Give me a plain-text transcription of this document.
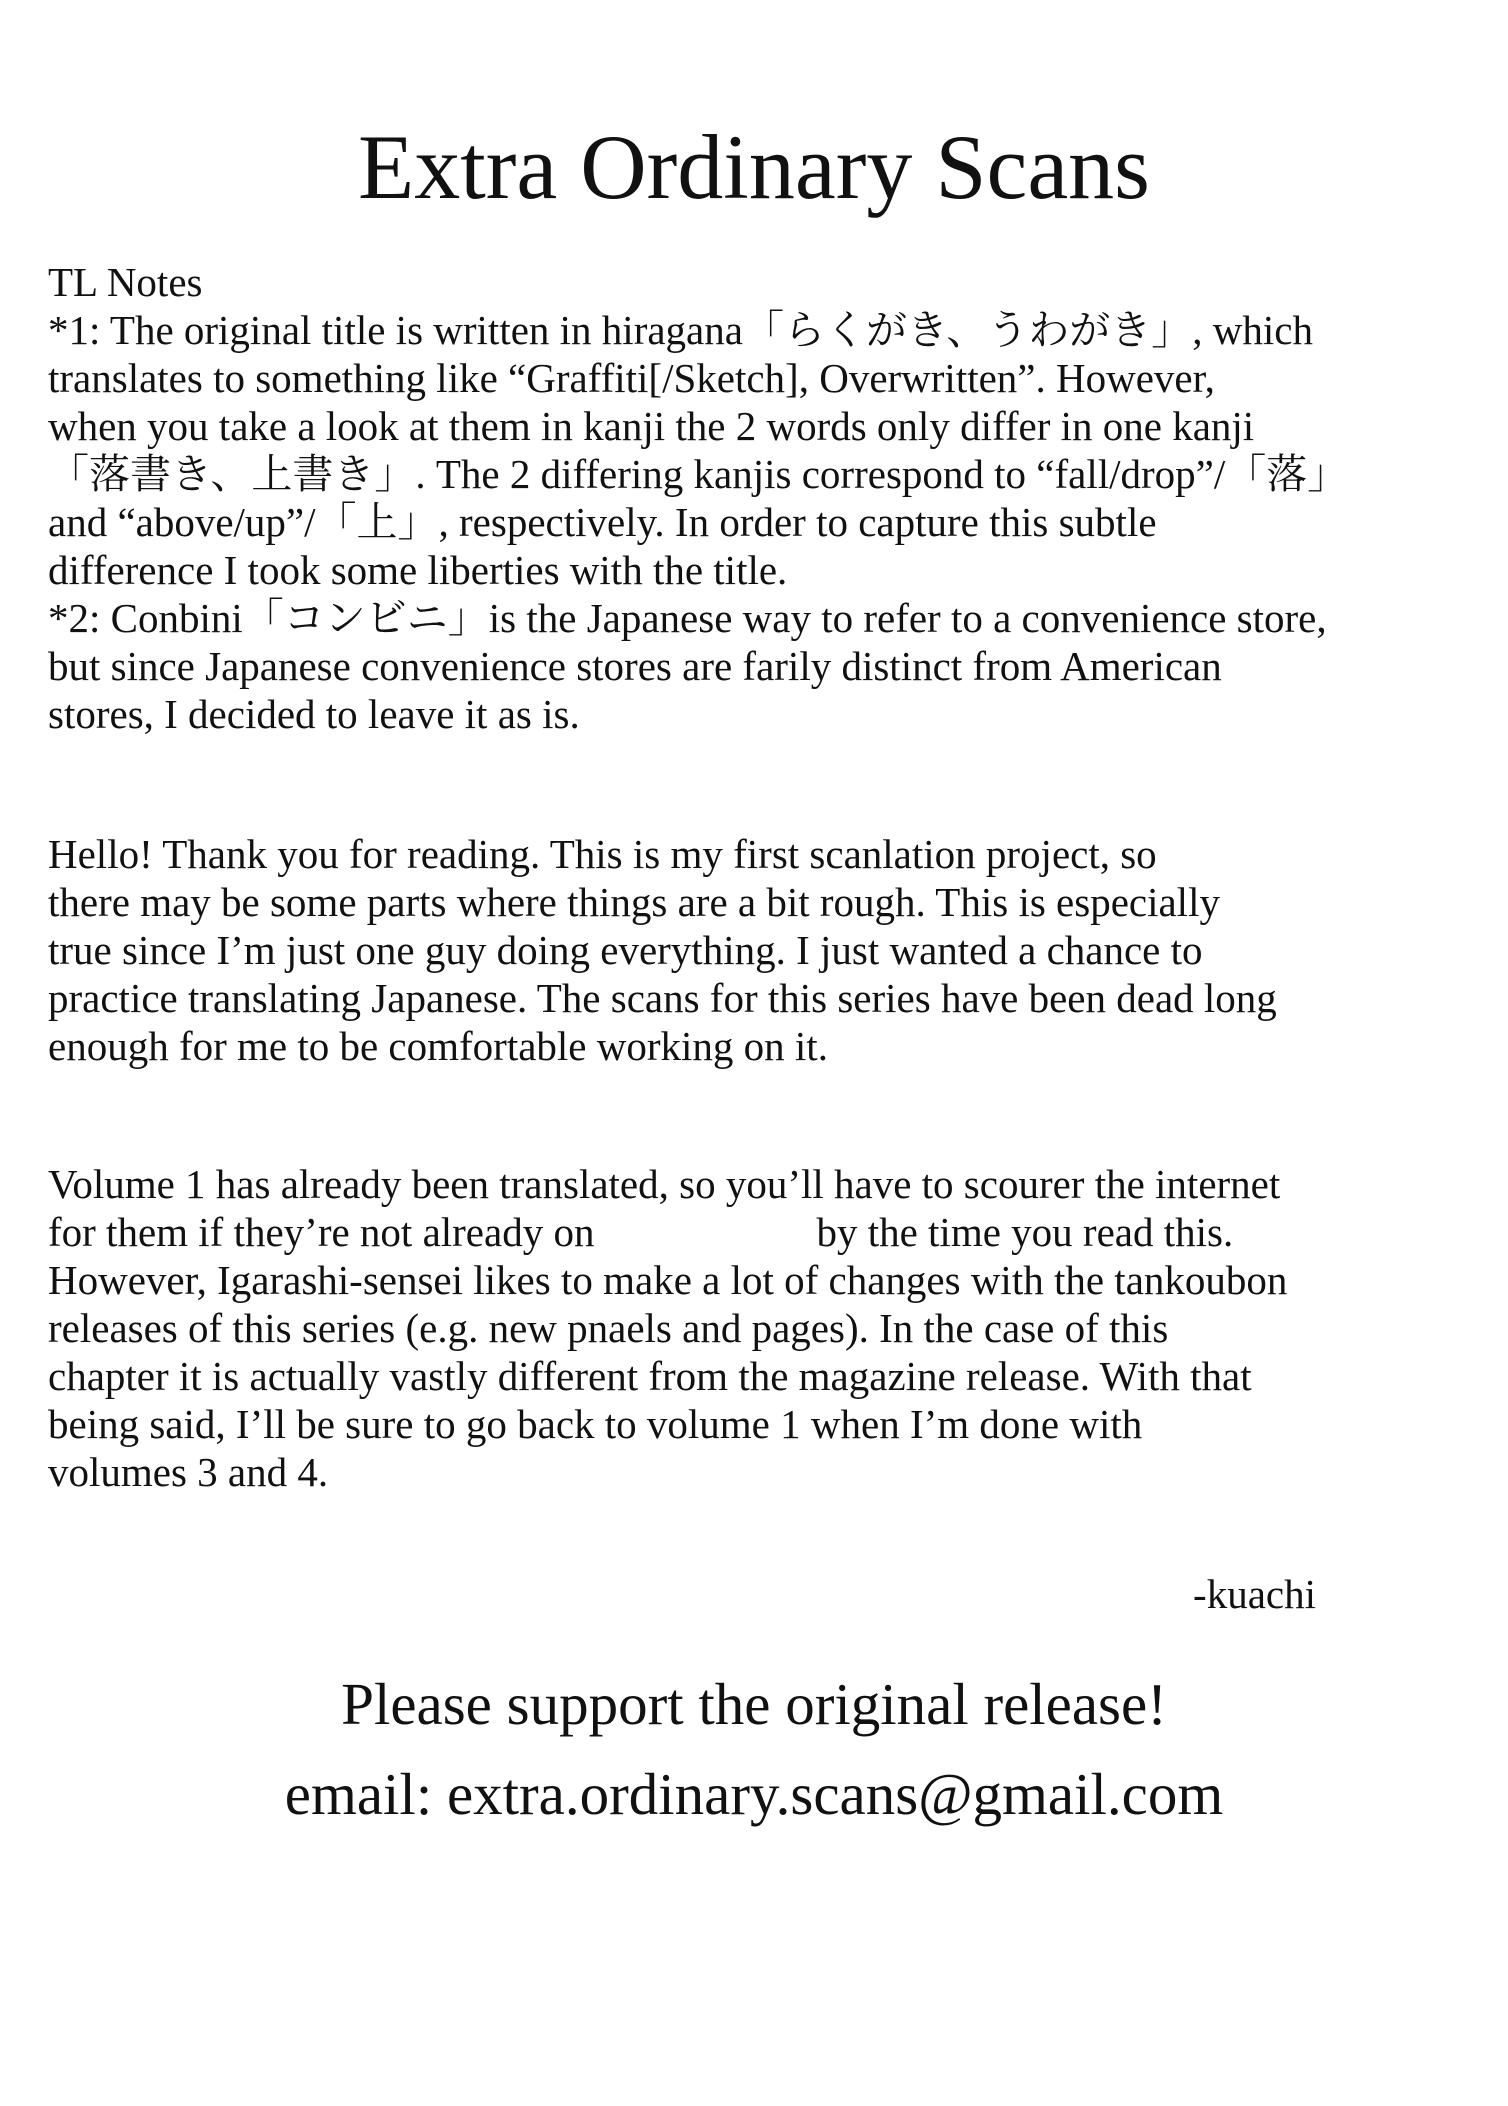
Extra Ordinary Scans
TL Notes
*1: The original title is written in hiragana「らくがき、うわがき」, which
translates to something like “Graffiti[/Sketch], Overwritten”. However,
when you take a look at them in kanji the 2 words only differ in one kanji
「落書き、上書き」. The 2 differing kanjis correspond to “fall/drop”/「落」
and “above/up”/「上」, respectively. In order to capture this subtle
difference I took some liberties with the title.
*2: Conbini「コンビニ」is the Japanese way to refer to a convenience store,
but since Japanese convenience stores are farily distinct from American
stores, I decided to leave it as is.
Hello! Thank you for reading. This is my first scanlation project, so
there may be some parts where things are a bit rough. This is especially
true since I’m just one guy doing everything. I just wanted a chance to
practice translating Japanese. The scans for this series have been dead long
enough for me to be comfortable working on it.
Volume 1 has already been translated, so you’ll have to scourer the internet
for them if they’re not already on	by the time you read this.
However, Igarashi-sensei likes to make a lot of changes with the tankoubon
releases of this series (e.g. new pnaels and pages). In the case of this
chapter it is actually vastly different from the magazine release. With that
being said, I’ll be sure to go back to volume 1 when I’m done with
volumes 3 and 4.

-kuachi

Please support the original release!

email: extra.ordinary.scans@gmail.com
